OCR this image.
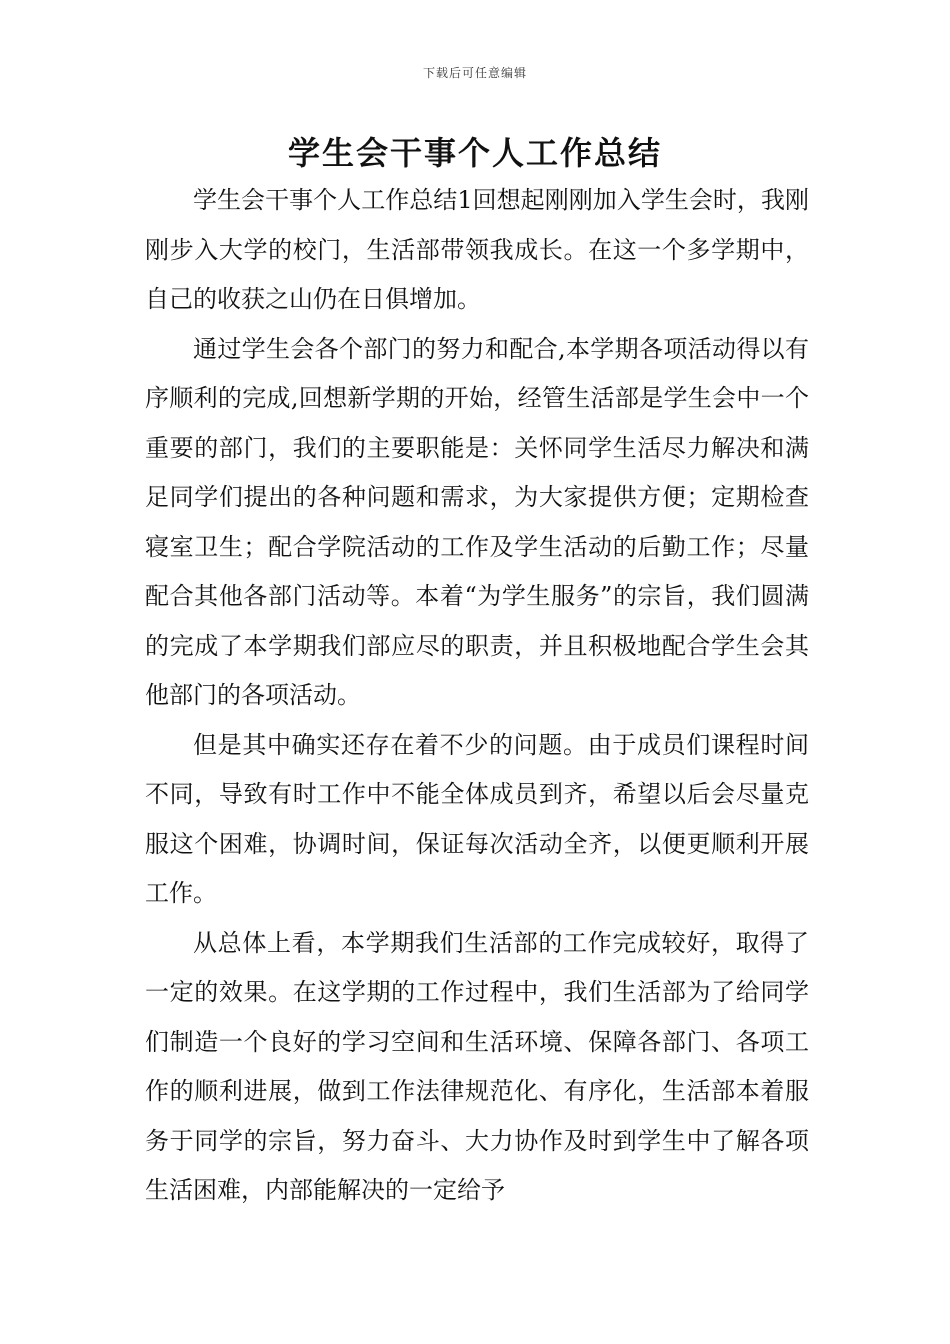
下载后可任意编辑
学生会干事个人工作总结

学生会干事个人工作总结1回想起刚刚加入学生会时，我刚刚步入大学的校门，生活部带领我成长。在这一个多学期中，自己的收获之山仍在日俱增加。

通过学生会各个部门的努力和配合,本学期各项活动得以有序顺利的完成,回想新学期的开始，经管生活部是学生会中一个重要的部门，我们的主要职能是：关怀同学生活尽力解决和满足同学们提出的各种问题和需求，为大家提供方便；定期检查寝室卫生；配合学院活动的工作及学生活动的后勤工作；尽量配合其他各部门活动等。本着“为学生服务”的宗旨，我们圆满的完成了本学期我们部应尽的职责，并且积极地配合学生会其他部门的各项活动。

但是其中确实还存在着不少的问题。由于成员们课程时间不同，导致有时工作中不能全体成员到齐，希望以后会尽量克服这个困难，协调时间，保证每次活动全齐，以便更顺利开展工作。

从总体上看，本学期我们生活部的工作完成较好，取得了一定的效果。在这学期的工作过程中，我们生活部为了给同学们制造一个良好的学习空间和生活环境、保障各部门、各项工作的顺利进展，做到工作法律规范化、有序化，生活部本着服务于同学的宗旨，努力奋斗、大力协作及时到学生中了解各项生活困难，内部能解决的一定给予
